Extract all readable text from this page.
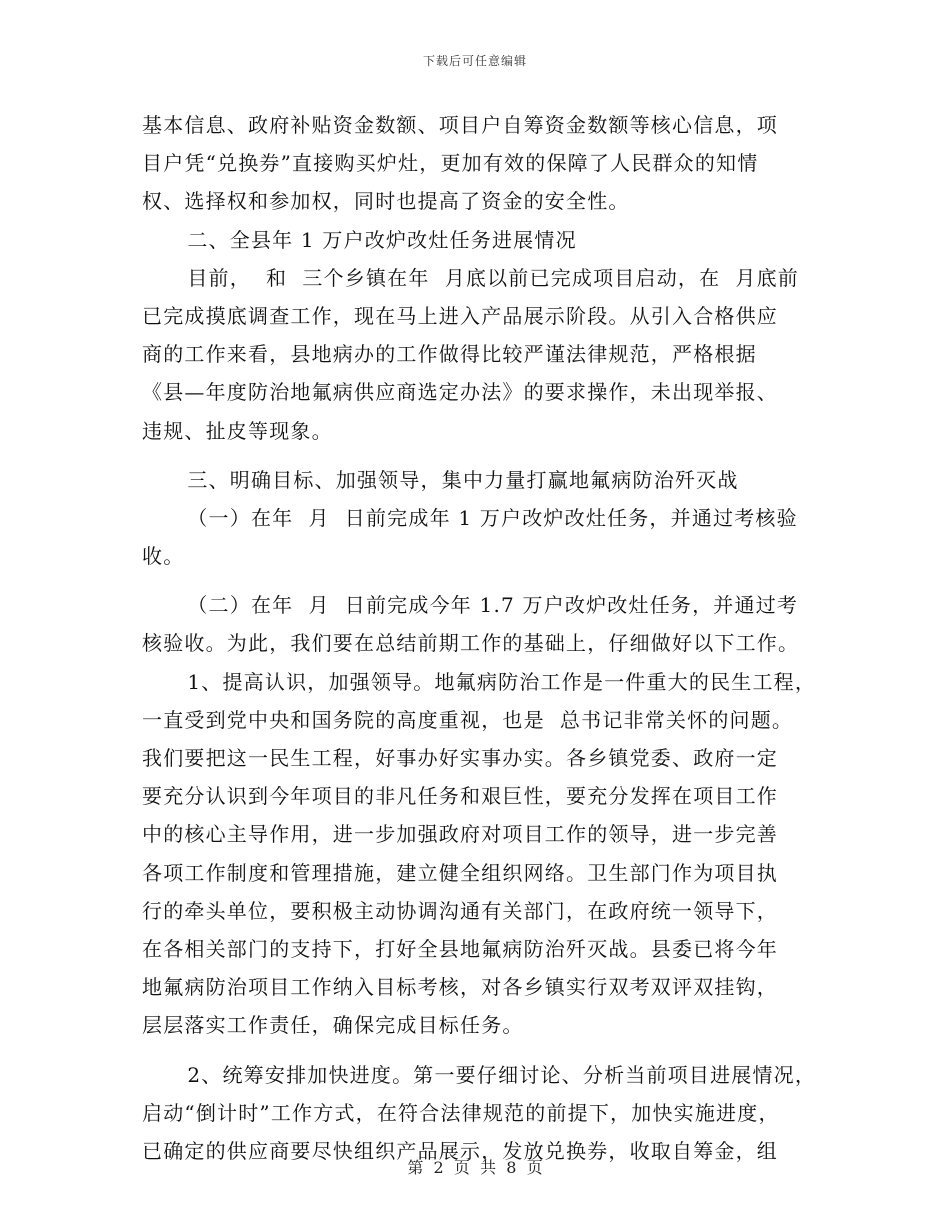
下载后可任意编辑
基本信息、政府补贴资金数额、项目户自筹资金数额等核心信息，项
目户凭“兑换券”直接购买炉灶，更加有效的保障了人民群众的知情
权、选择权和参加权，同时也提高了资金的安全性。
二、全县年 1 万户改炉改灶任务进展情况
目前，  和  三个乡镇在年  月底以前已完成项目启动，在  月底前
已完成摸底调查工作，现在马上进入产品展示阶段。从引入合格供应
商的工作来看，县地病办的工作做得比较严谨法律规范，严格根据
《县—年度防治地氟病供应商选定办法》的要求操作，未出现举报、
违规、扯皮等现象。
三、明确目标、加强领导，集中力量打赢地氟病防治歼灭战
（一）在年  月  日前完成年 1 万户改炉改灶任务，并通过考核验
收。
（二）在年  月  日前完成今年 1.7 万户改炉改灶任务，并通过考
核验收。为此，我们要在总结前期工作的基础上，仔细做好以下工作。
1、提高认识，加强领导。地氟病防治工作是一件重大的民生工程，
一直受到党中央和国务院的高度重视，也是  总书记非常关怀的问题。
我们要把这一民生工程，好事办好实事办实。各乡镇党委、政府一定
要充分认识到今年项目的非凡任务和艰巨性，要充分发挥在项目工作
中的核心主导作用，进一步加强政府对项目工作的领导，进一步完善
各项工作制度和管理措施，建立健全组织网络。卫生部门作为项目执
行的牵头单位，要积极主动协调沟通有关部门，在政府统一领导下，
在各相关部门的支持下，打好全县地氟病防治歼灭战。县委已将今年
地氟病防治项目工作纳入目标考核，对各乡镇实行双考双评双挂钩，
层层落实工作责任，确保完成目标任务。
2、统筹安排加快进度。第一要仔细讨论、分析当前项目进展情况，
启动“倒计时”工作方式，在符合法律规范的前提下，加快实施进度，
已确定的供应商要尽快组织产品展示，发放兑换券，收取自筹金，组
第  2  页  共  8  页
